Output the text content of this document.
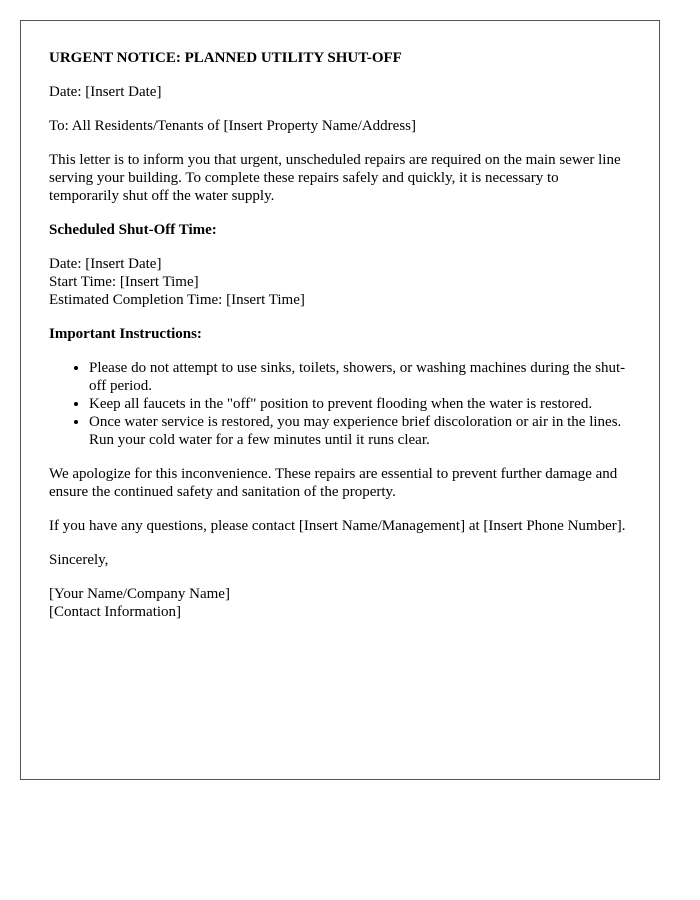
URGENT NOTICE: PLANNED UTILITY SHUT-OFF

Date: [Insert Date]

To: All Residents/Tenants of [Insert Property Name/Address]

This letter is to inform you that urgent, unscheduled repairs are required on the main sewer line serving your building. To complete these repairs safely and quickly, it is necessary to temporarily shut off the water supply.

Scheduled Shut-Off Time:
Date: [Insert Date]
Start Time: [Insert Time]
Estimated Completion Time: [Insert Time]
Important Instructions:
• Please do not attempt to use sinks, toilets, showers, or washing machines during the shut-off period.
• Keep all faucets in the "off" position to prevent flooding when the water is restored.
• Once water service is restored, you may experience brief discoloration or air in the lines. Run your cold water for a few minutes until it runs clear.

We apologize for this inconvenience. These repairs are essential to prevent further damage and ensure the continued safety and sanitation of the property.

If you have any questions, please contact [Insert Name/Management] at [Insert Phone Number].

Sincerely,

[Your Name/Company Name]
[Contact Information]
